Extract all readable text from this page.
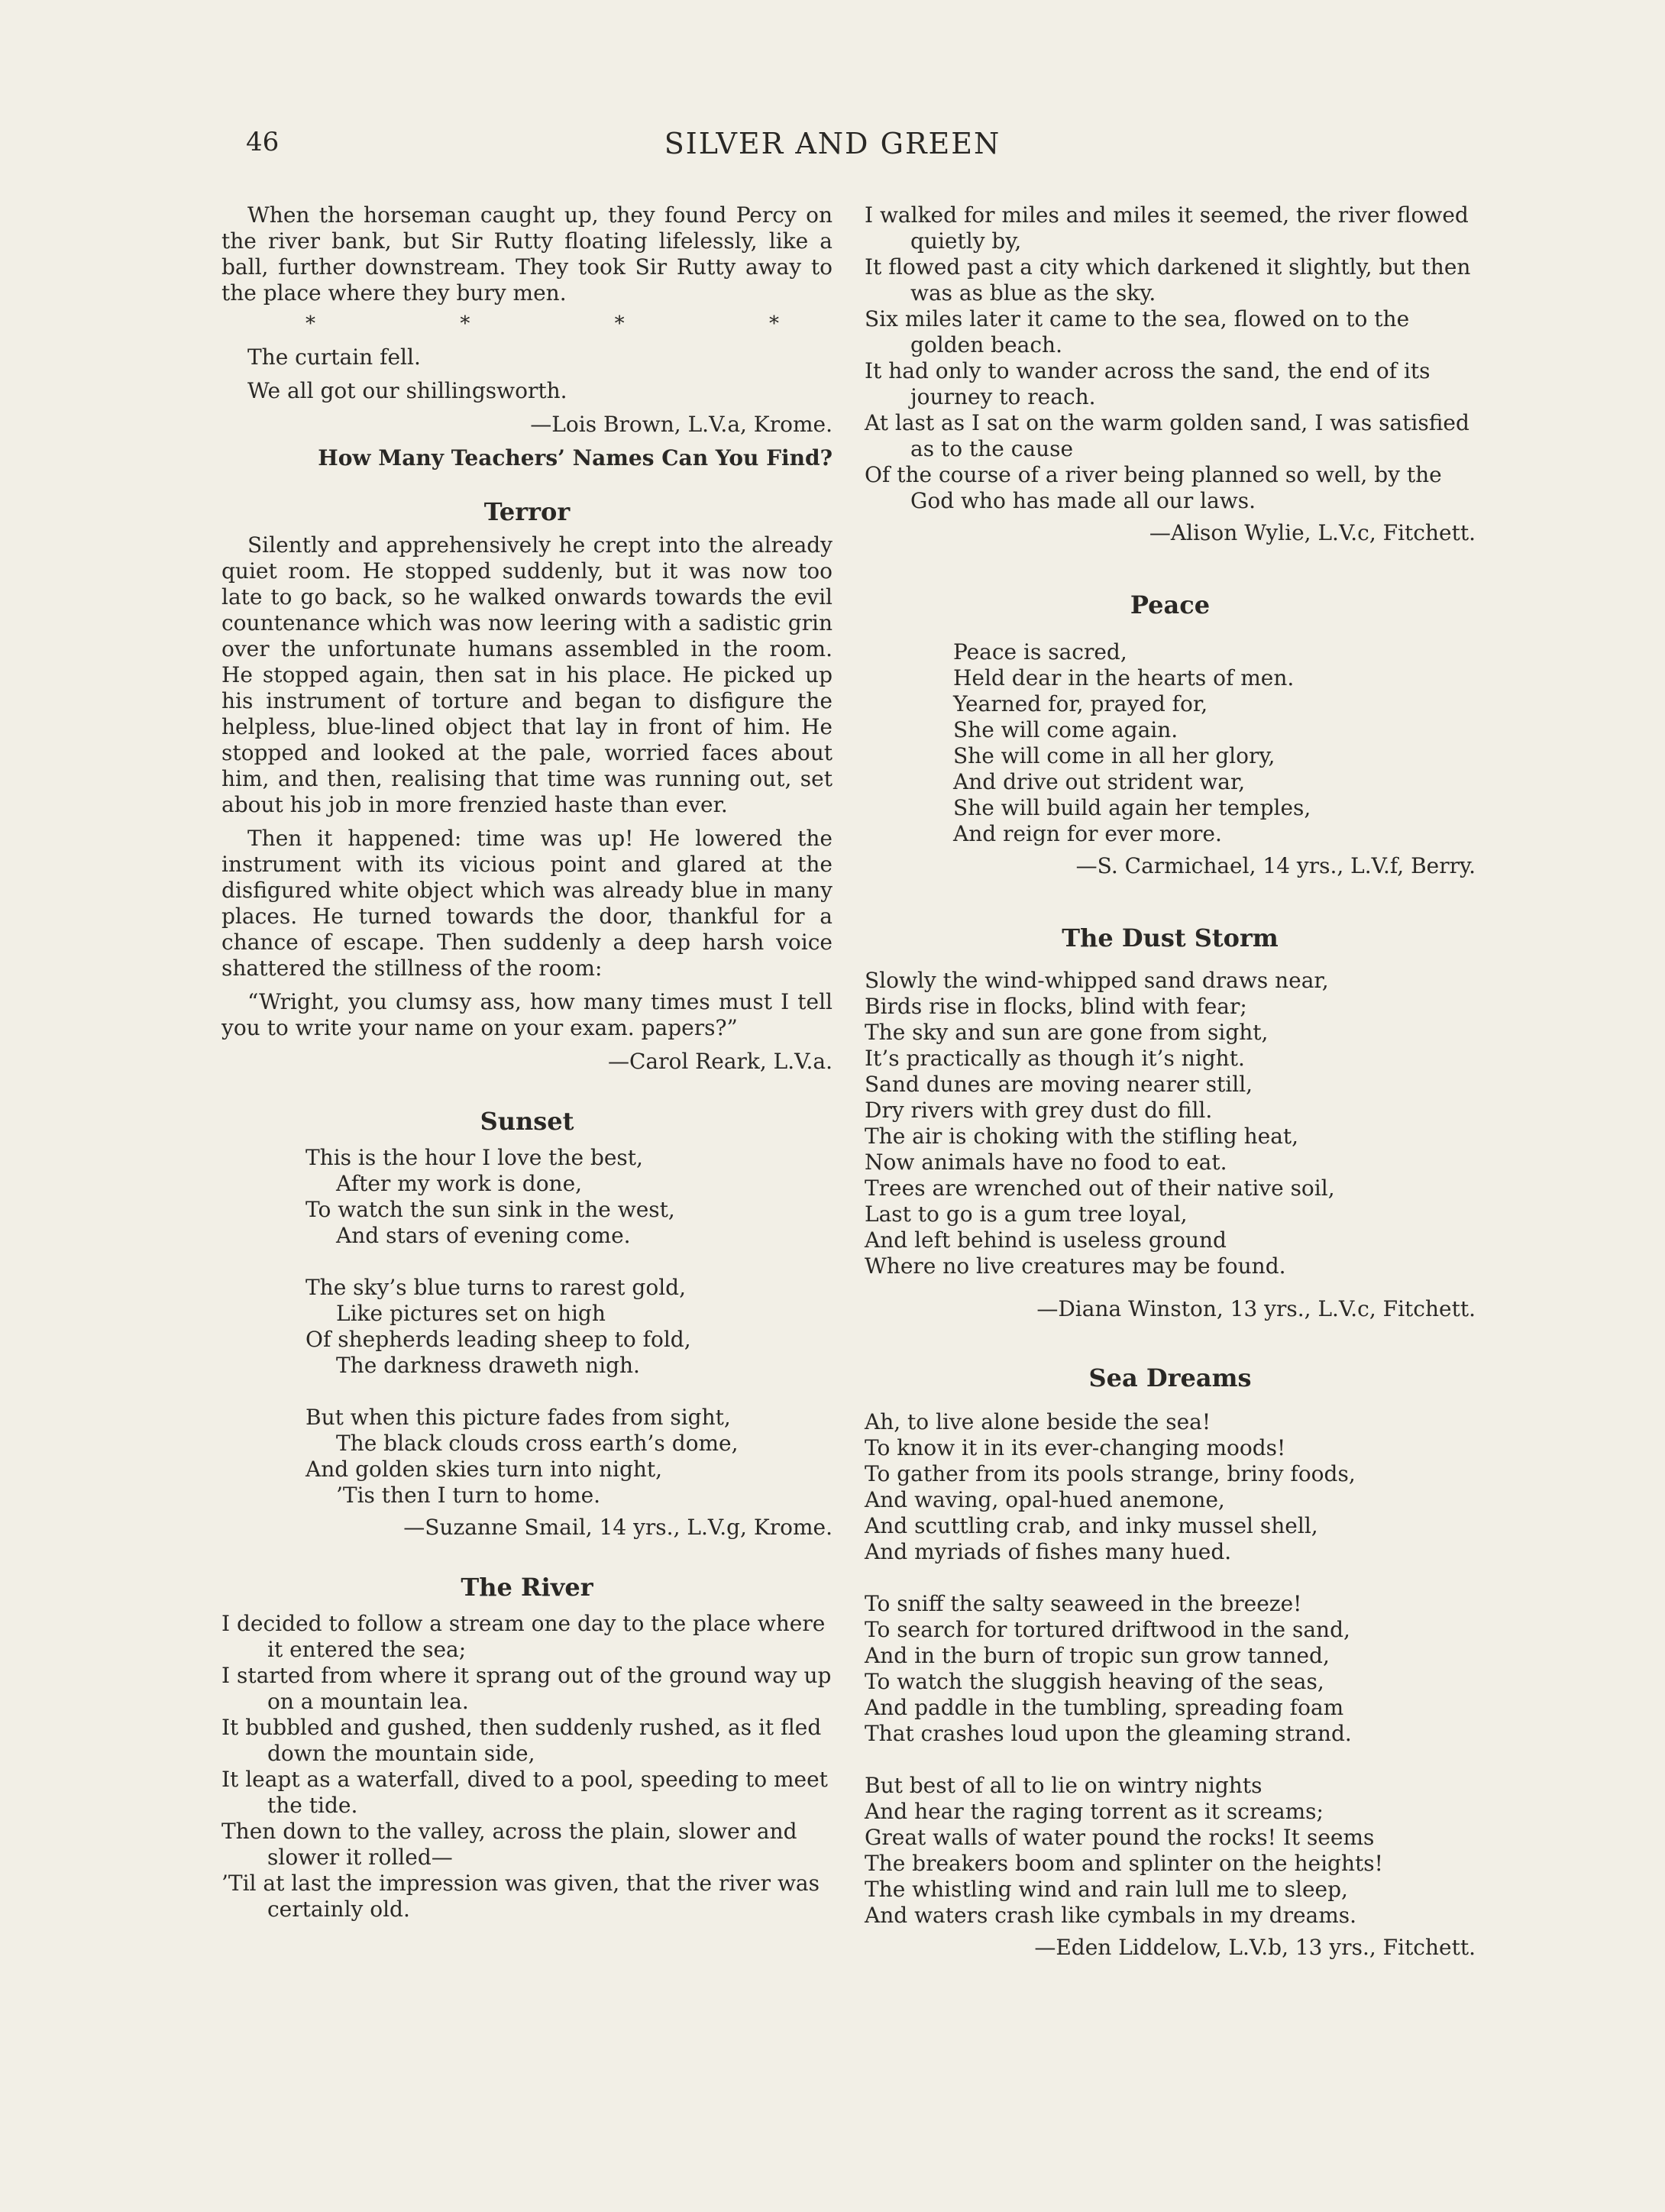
46	SILVER AND GREEN

When the horseman caught up, they found Percy on the river bank, but Sir Rutty floating lifelessly, like a ball, further downstream. They took Sir Rutty away to the place where they bury men.

*	*	*	*

The curtain fell.

We all got our shillingsworth.

—Lois Brown, L.V.a, Krome.

How Many Teachers’ Names Can You Find?

Terror

Silently and apprehensively he crept into the already quiet room. He stopped suddenly, but it was now too late to go back, so he walked onwards towards the evil countenance which was now leering with a sadistic grin over the unfortunate humans assembled in the room. He stopped again, then sat in his place. He picked up his instrument of torture and began to disfigure the helpless, blue-lined object that lay in front of him. He stopped and looked at the pale, worried faces about him, and then, realising that time was running out, set about his job in more frenzied haste than ever.

Then it happened: time was up! He lowered the instrument with its vicious point and glared at the disfigured white object which was already blue in many places. He turned towards the door, thankful for a chance of escape. Then suddenly a deep harsh voice shattered the stillness of the room:

“Wright, you clumsy ass, how many times must I tell you to write your name on your exam. papers?”

—Carol Reark, L.V.a.

Sunset
This is the hour I love the best,
After my work is done,
To watch the sun sink in the west,
And stars of evening come.
The sky’s blue turns to rarest gold,
Like pictures set on high
Of shepherds leading sheep to fold,
The darkness draweth nigh.
But when this picture fades from sight,
The black clouds cross earth’s dome,
And golden skies turn into night,
’Tis then I turn to home.

—Suzanne Smail, 14 yrs., L.V.g, Krome.

The River
I decided to follow a stream one day to the place where it entered the sea;
I started from where it sprang out of the ground way up on a mountain lea.
It bubbled and gushed, then suddenly rushed, as it fled down the mountain side,
It leapt as a waterfall, dived to a pool, speeding to meet the tide.
Then down to the valley, across the plain, slower and slower it rolled—
’Til at last the impression was given, that the river was certainly old.
I walked for miles and miles it seemed, the river flowed quietly by,
It flowed past a city which darkened it slightly, but then was as blue as the sky.
Six miles later it came to the sea, flowed on to the golden beach.
It had only to wander across the sand, the end of its journey to reach.
At last as I sat on the warm golden sand, I was satisfied as to the cause
Of the course of a river being planned so well, by the God who has made all our laws.

—Alison Wylie, L.V.c, Fitchett.

Peace
Peace is sacred,
Held dear in the hearts of men.
Yearned for, prayed for,
She will come again.
She will come in all her glory,
And drive out strident war,
She will build again her temples,
And reign for ever more.

—S. Carmichael, 14 yrs., L.V.f, Berry.

The Dust Storm
Slowly the wind-whipped sand draws near,
Birds rise in flocks, blind with fear;
The sky and sun are gone from sight,
It’s practically as though it’s night.
Sand dunes are moving nearer still,
Dry rivers with grey dust do fill.
The air is choking with the stifling heat,
Now animals have no food to eat.
Trees are wrenched out of their native soil,
Last to go is a gum tree loyal,
And left behind is useless ground
Where no live creatures may be found.

—Diana Winston, 13 yrs., L.V.c, Fitchett.

Sea Dreams
Ah, to live alone beside the sea!
To know it in its ever-changing moods!
To gather from its pools strange, briny foods,
And waving, opal-hued anemone,
And scuttling crab, and inky mussel shell,
And myriads of fishes many hued.
To sniff the salty seaweed in the breeze!
To search for tortured driftwood in the sand,
And in the burn of tropic sun grow tanned,
To watch the sluggish heaving of the seas,
And paddle in the tumbling, spreading foam
That crashes loud upon the gleaming strand.
But best of all to lie on wintry nights
And hear the raging torrent as it screams;
Great walls of water pound the rocks! It seems
The breakers boom and splinter on the heights!
The whistling wind and rain lull me to sleep,
And waters crash like cymbals in my dreams.

—Eden Liddelow, L.V.b, 13 yrs., Fitchett.
